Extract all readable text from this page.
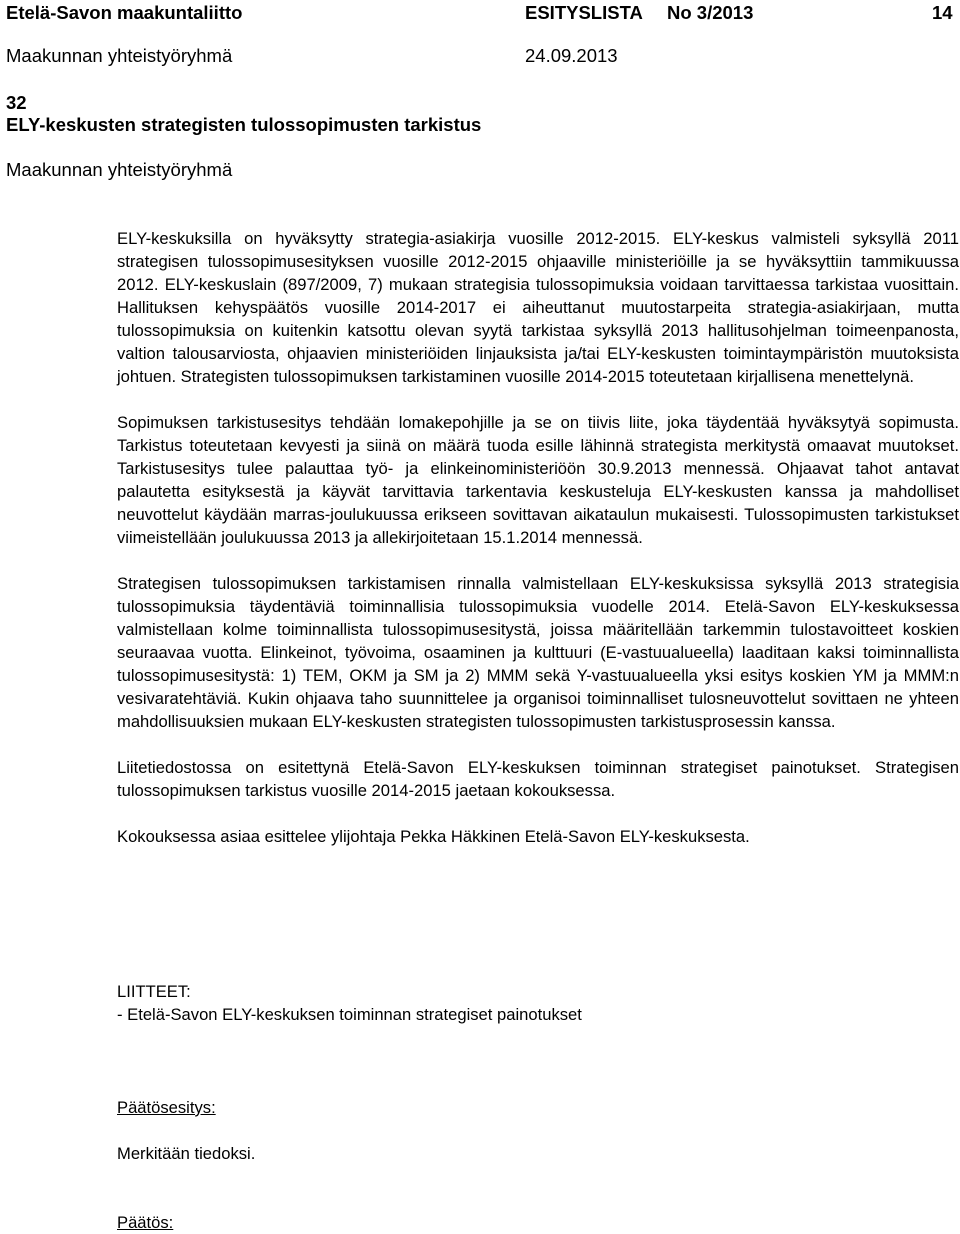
Etelä-Savon maakuntaliitto	ESITYSLISTA No 3/2013	14
Maakunnan yhteistyöryhmä	24.09.2013
32
ELY-keskusten strategisten tulossopimusten tarkistus
Maakunnan yhteistyöryhmä

ELY-keskuksilla on hyväksytty strategia-asiakirja vuosille 2012-2015. ELY-keskus valmisteli syksyllä 2011 strategisen tulossopimusesityksen vuosille 2012-2015 ohjaaville ministeriöille ja se hyväksyttiin tammikuussa 2012. ELY-keskuslain (897/2009, 7) mukaan strategisia tulossopimuksia voidaan tarvittaessa tarkistaa vuosittain. Hallituksen kehyspäätös vuosille 2014-2017 ei aiheuttanut muutostarpeita strategia-asiakirjaan, mutta tulossopimuksia on kuitenkin katsottu olevan syytä tarkistaa syksyllä 2013 hallitusohjelman toimeenpanosta, valtion talousarviosta, ohjaavien ministeriöiden linjauksista ja/tai ELY-keskusten toimintaympäristön muutoksista johtuen. Strategisten tulossopimuksen tarkistaminen vuosille 2014-2015 toteutetaan kirjallisena menettelynä.

Sopimuksen tarkistusesitys tehdään lomakepohjille ja se on tiivis liite, joka täydentää hyväksytyä sopimusta. Tarkistus toteutetaan kevyesti ja siinä on määrä tuoda esille lähinnä strategista merkitystä omaavat muutokset. Tarkistusesitys tulee palauttaa työ- ja elinkeinoministeriöön 30.9.2013 mennessä. Ohjaavat tahot antavat palautetta esityksestä ja käyvät tarvittavia tarkentavia keskusteluja ELY-keskusten kanssa ja mahdolliset neuvottelut käydään marras-joulukuussa erikseen sovittavan aikataulun mukaisesti. Tulossopimusten tarkistukset viimeistellään joulukuussa 2013 ja allekirjoitetaan 15.1.2014 mennessä.

Strategisen tulossopimuksen tarkistamisen rinnalla valmistellaan ELY-keskuksissa syksyllä 2013 strategisia tulossopimuksia täydentäviä toiminnallisia tulossopimuksia vuodelle 2014. Etelä-Savon ELY-keskuksessa valmistellaan kolme toiminnallista tulossopimusesitystä, joissa määritellään tarkemmin tulostavoitteet koskien seuraavaa vuotta. Elinkeinot, työvoima, osaaminen ja kulttuuri (E-vastuualueella) laaditaan kaksi toiminnallista tulossopimusesitystä: 1) TEM, OKM ja SM ja 2) MMM sekä Y-vastuualueella yksi esitys koskien YM ja MMM:n vesivaratehtäviä. Kukin ohjaava taho suunnittelee ja organisoi toiminnalliset tulosneuvottelut sovittaen ne yhteen mahdollisuuksien mukaan ELY-keskusten strategisten tulossopimusten tarkistusprosessin kanssa.

Liitetiedostossa on esitettynä Etelä-Savon ELY-keskuksen toiminnan strategiset painotukset. Strategisen tulossopimuksen tarkistus vuosille 2014-2015 jaetaan kokouksessa.

Kokouksessa asiaa esittelee ylijohtaja Pekka Häkkinen Etelä-Savon ELY-keskuksesta.

LIITTEET:
- Etelä-Savon ELY-keskuksen toiminnan strategiset painotukset
Päätösesitys:
Merkitään tiedoksi.
Päätös:
